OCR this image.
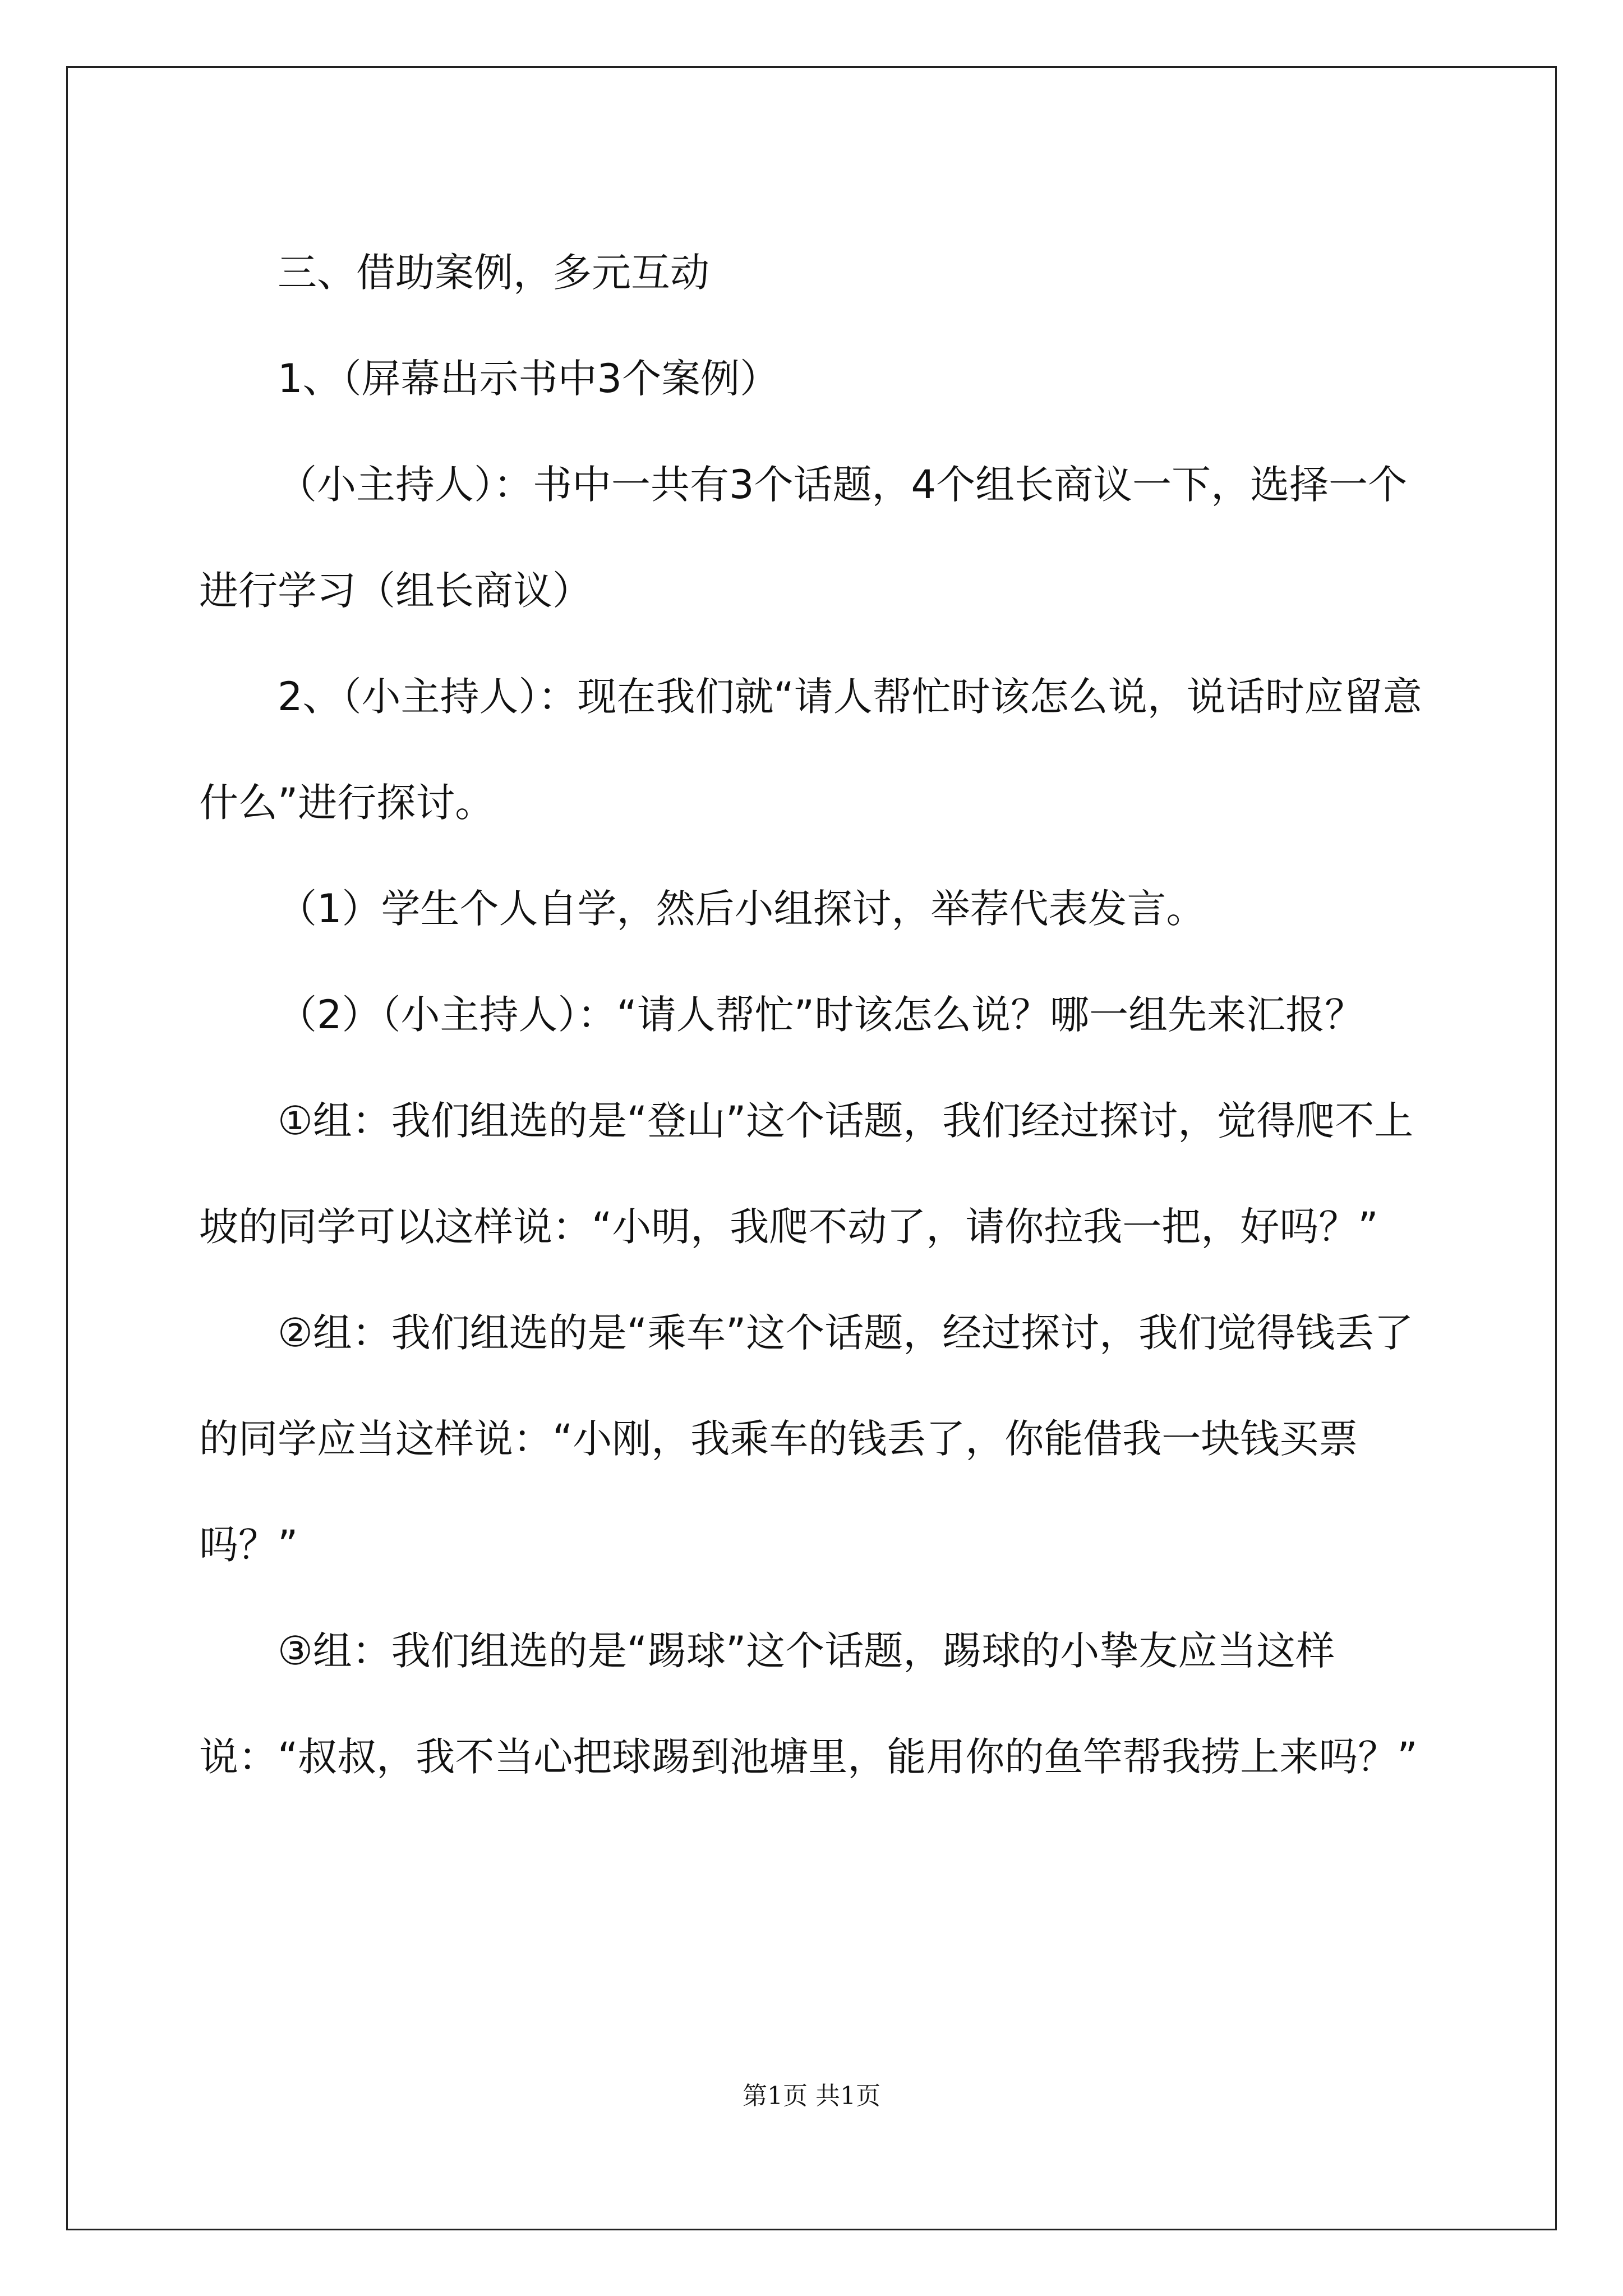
三、借助案例，多元互动

1、（屏幕出示书中3个案例）

（小主持人）：书中一共有3个话题，4个组长商议一下，选择一个进行学习（组长商议）

2、（小主持人）：现在我们就“请人帮忙时该怎么说，说话时应留意什么”进行探讨。

（1）学生个人自学，然后小组探讨，举荐代表发言。

（2）（小主持人）：“请人帮忙”时该怎么说？哪一组先来汇报？

①组：我们组选的是“登山”这个话题，我们经过探讨，觉得爬不上坡的同学可以这样说：“小明，我爬不动了，请你拉我一把，好吗？”

②组：我们组选的是“乘车”这个话题，经过探讨，我们觉得钱丢了的同学应当这样说：“小刚，我乘车的钱丢了，你能借我一块钱买票吗？”

③组：我们组选的是“踢球”这个话题，踢球的小挚友应当这样说：“叔叔，我不当心把球踢到池塘里，能用你的鱼竿帮我捞上来吗？”

第1页 共1页
